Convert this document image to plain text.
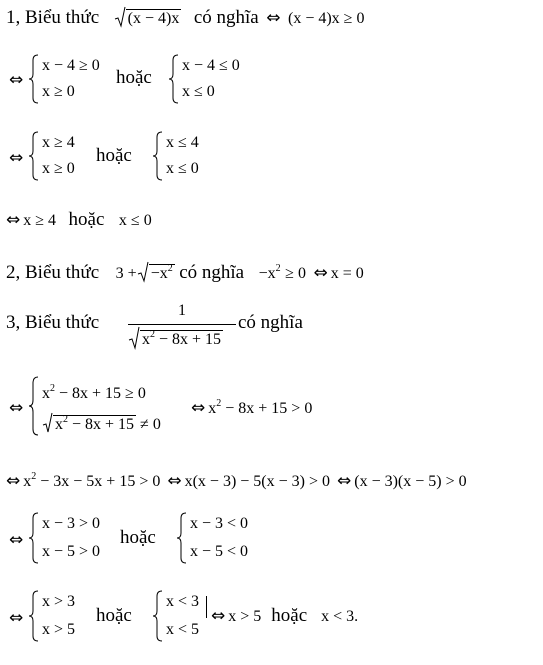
1, Biểu thức (x − 4)x có nghĩa ⇔ (x − 4)x ≥ 0
⇔
x − 4 ≥ 0
x ≥ 0
hoặc
x − 4 ≤ 0
x ≤ 0
⇔
x ≥ 4
x ≥ 0
hoặc
x ≤ 4
x ≤ 0
⇔ x ≥ 4 hoặc x ≤ 0
2, Biểu thức $3 + -x^2$ có nghĩa $-x^2 \ge 0$ ⇔ x = 0
3, Biểu thức
1
$x^2 - 8x + 15$
có nghĩa
⇔
$x^2 - 8x + 15 \ge 0$
$x^2 - 8x + 15 \ne 0$
⇔ $x^2 - 8x + 15 > 0$
⇔ $x^2 - 3x - 5x + 15 > 0$ ⇔ x(x − 3) − 5(x − 3) > 0 ⇔ (x − 3)(x − 5) > 0
⇔
x − 3 > 0
x − 5 > 0
hoặc
x − 3 < 0
x − 5 < 0
⇔
x > 3
x > 5
hoặc
x < 3
x < 5
⇔ x > 5 hoặc x < 3.
